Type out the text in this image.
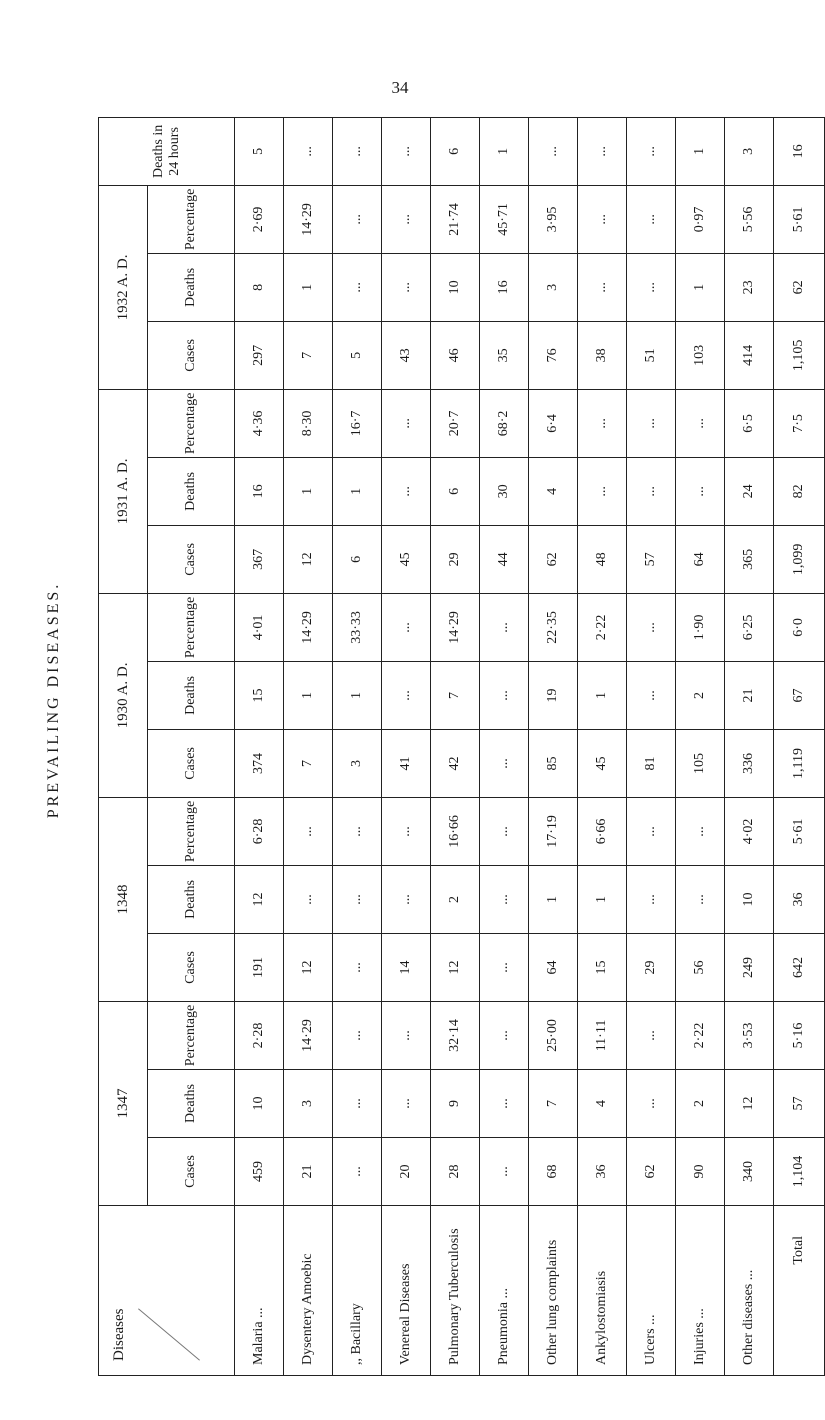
34
PREVAILING DISEASES.
Diseases	1347			1348			1930 A. D.			1931 A. D.			1932 A. D.			Deaths in 24 hours
	Cases	Deaths	Percentage	Cases	Deaths	Percentage	Cases	Deaths	Percentage	Cases	Deaths	Percentage	Cases	Deaths	Percentage	
Malaria ...	459	10	2·28	191	12	6·28	374	15	4·01	367	16	4·36	297	8	2·69	5
Dysentery Amoebic	21	3	14·29	12	...	...	7	1	14·29	12	1	8·30	7	1	14·29	...
,, Bacillary	...	...	...	...	...	...	3	1	33·33	6	1	16·7	5	...	...	...
Venereal Diseases	20	...	...	14	...	...	41	...	...	45	...	...	43	...	...	...
Pulmonary Tuberculosis	28	9	32·14	12	2	16·66	42	7	14·29	29	6	20·7	46	10	21·74	6
Pneumonia ...	...	...	...	...	...	...	...	...	...	44	30	68·2	35	16	45·71	1
Other lung complaints	68	7	25·00	64	1	17·19	85	19	22·35	62	4	6·4	76	3	3·95	...
Ankylostomiasis	36	4	11·11	15	1	6·66	45	1	2·22	48	...	...	38	...	...	...
Ulcers ...	62	...	...	29	...	...	81	...	...	57	...	...	51	...	...	...
Injuries ...	90	2	2·22	56	...	...	105	2	1·90	64	...	...	103	1	0·97	1
Other diseases ...	340	12	3·53	249	10	4·02	336	21	6·25	365	24	6·5	414	23	5·56	3
Total	1,104	57	5·16	642	36	5·61	1,119	67	6·0	1,099	82	7·5	1,105	62	5·61	16
